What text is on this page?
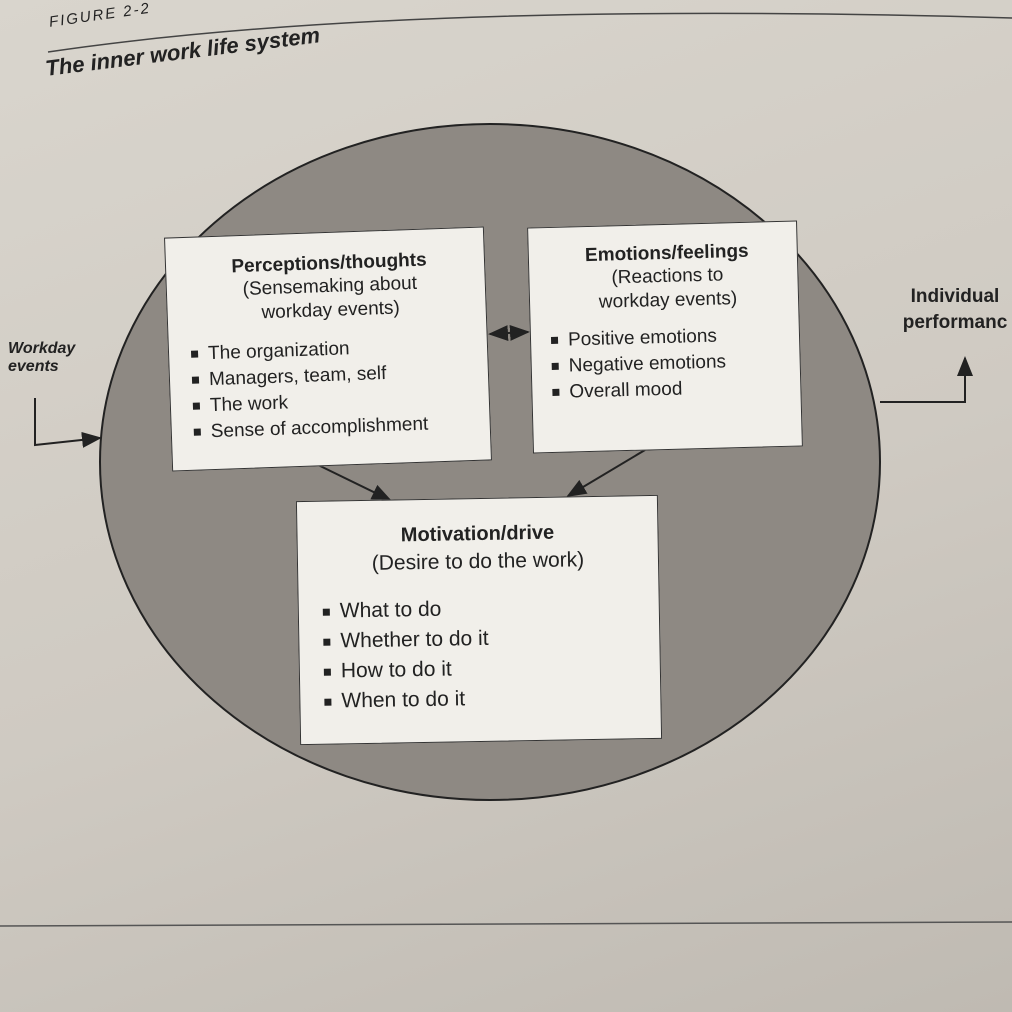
FIGURE 2-2
The inner work life system
Workday events
Individual performanc
Perceptions/thoughts
(Sensemaking about workday events)
The organization
Managers, team, self
The work
Sense of accomplishment
Emotions/feelings
(Reactions to workday events)
Positive emotions
Negative emotions
Overall mood
Motivation/drive
(Desire to do the work)
What to do
Whether to do it
How to do it
When to do it
